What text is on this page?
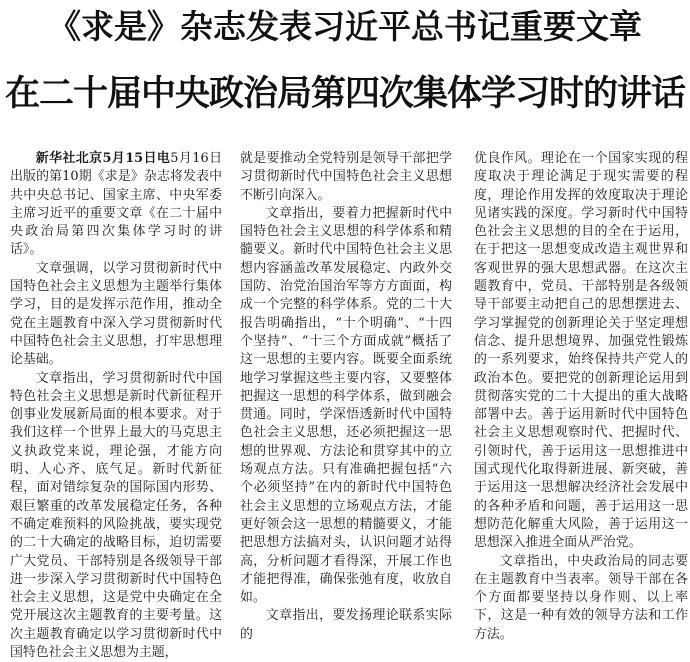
《求是》杂志发表习近平总书记重要文章
在二十届中央政治局第四次集体学习时的讲话

新华社北京5月15日电5月16日出版的第10期《求是》杂志将发表中共中央总书记、国家主席、中央军委主席习近平的重要文章《在二十届中央政治局第四次集体学习时的讲话》。

文章强调，以学习贯彻新时代中国特色社会主义思想为主题举行集体学习，目的是发挥示范作用，推动全党在主题教育中深入学习贯彻新时代中国特色社会主义思想，打牢思想理论基础。

文章指出，学习贯彻新时代中国特色社会主义思想是新时代新征程开创事业发展新局面的根本要求。对于我们这样一个世界上最大的马克思主义执政党来说，理论强，才能方向明、人心齐、底气足。新时代新征程，面对错综复杂的国际国内形势、艰巨繁重的改革发展稳定任务，各种不确定难预料的风险挑战，要实现党的二十大确定的战略目标，迫切需要广大党员、干部特别是各级领导干部进一步深入学习贯彻新时代中国特色社会主义思想，这是党中央确定在全党开展这次主题教育的主要考量。这次主题教育确定以学习贯彻新时代中国特色社会主义思想为主题，

就是要推动全党特别是领导干部把学习贯彻新时代中国特色社会主义思想不断引向深入。

文章指出，要着力把握新时代中国特色社会主义思想的科学体系和精髓要义。新时代中国特色社会主义思想内容涵盖改革发展稳定、内政外交国防、治党治国治军等方方面面，构成一个完整的科学体系。党的二十大报告明确指出，“十个明确”、“十四个坚持”、“十三个方面成就”概括了这一思想的主要内容。既要全面系统地学习掌握这些主要内容，又要整体把握这一思想的科学体系，做到融会贯通。同时，学深悟透新时代中国特色社会主义思想，还必须把握这一思想的世界观、方法论和贯穿其中的立场观点方法。只有准确把握包括“六个必须坚持”在内的新时代中国特色社会主义思想的立场观点方法，才能更好领会这一思想的精髓要义，才能把思想方法搞对头，认识问题才站得高，分析问题才看得深，开展工作也才能把得准，确保张弛有度，收放自如。

文章指出，要发扬理论联系实际的

优良作风。理论在一个国家实现的程度取决于理论满足于现实需要的程度，理论作用发挥的效度取决于理论见诸实践的深度。学习新时代中国特色社会主义思想的目的全在于运用，在于把这一思想变成改造主观世界和客观世界的强大思想武器。在这次主题教育中，党员、干部特别是各级领导干部要主动把自己的思想摆进去、学习掌握党的创新理论关于坚定理想信念、提升思想境界、加强党性锻炼的一系列要求，始终保持共产党人的政治本色。要把党的创新理论运用到贯彻落实党的二十大提出的重大战略部署中去。善于运用新时代中国特色社会主义思想观察时代、把握时代、引领时代，善于运用这一思想推进中国式现代化取得新进展、新突破，善于运用这一思想解决经济社会发展中的各种矛盾和问题，善于运用这一思想防范化解重大风险，善于运用这一思想深入推进全面从严治党。

文章指出，中央政治局的同志要在主题教育中当表率。领导干部在各个方面都要坚持以身作则、以上率下，这是一种有效的领导方法和工作方法。
